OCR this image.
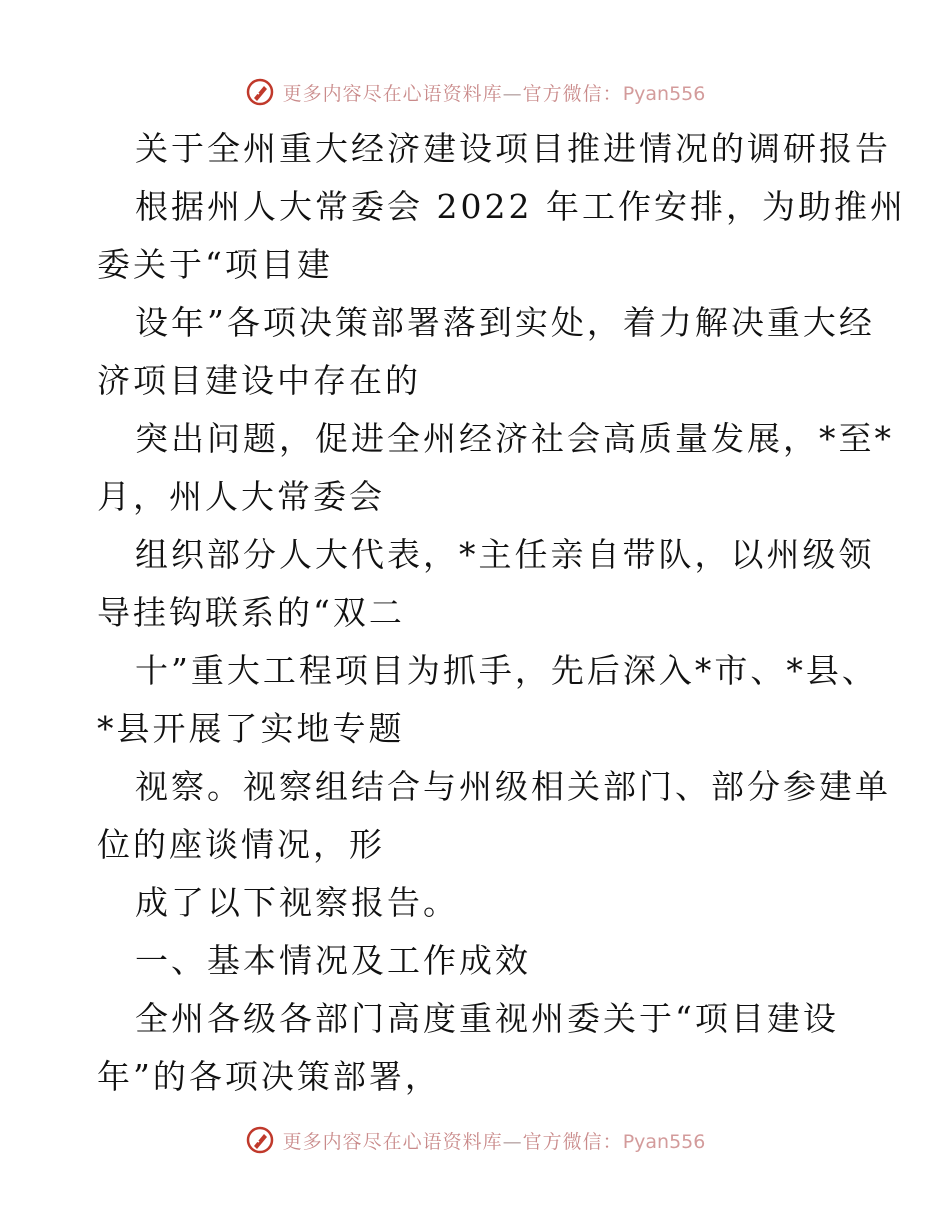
更多内容尽在心语资料库—官方微信：Pyan556
关于全州重大经济建设项目推进情况的调研报告
根据州人大常委会 2022 年工作安排，为助推州
委关于“项目建
设年”各项决策部署落到实处，着力解决重大经
济项目建设中存在的
突出问题，促进全州经济社会高质量发展，*至*
月，州人大常委会
组织部分人大代表，*主任亲自带队，以州级领
导挂钩联系的“双二
十”重大工程项目为抓手，先后深入*市、*县、
*县开展了实地专题
视察。视察组结合与州级相关部门、部分参建单
位的座谈情况，形
成了以下视察报告。
一、基本情况及工作成效
全州各级各部门高度重视州委关于“项目建设
年”的各项决策部署，
更多内容尽在心语资料库—官方微信：Pyan556
